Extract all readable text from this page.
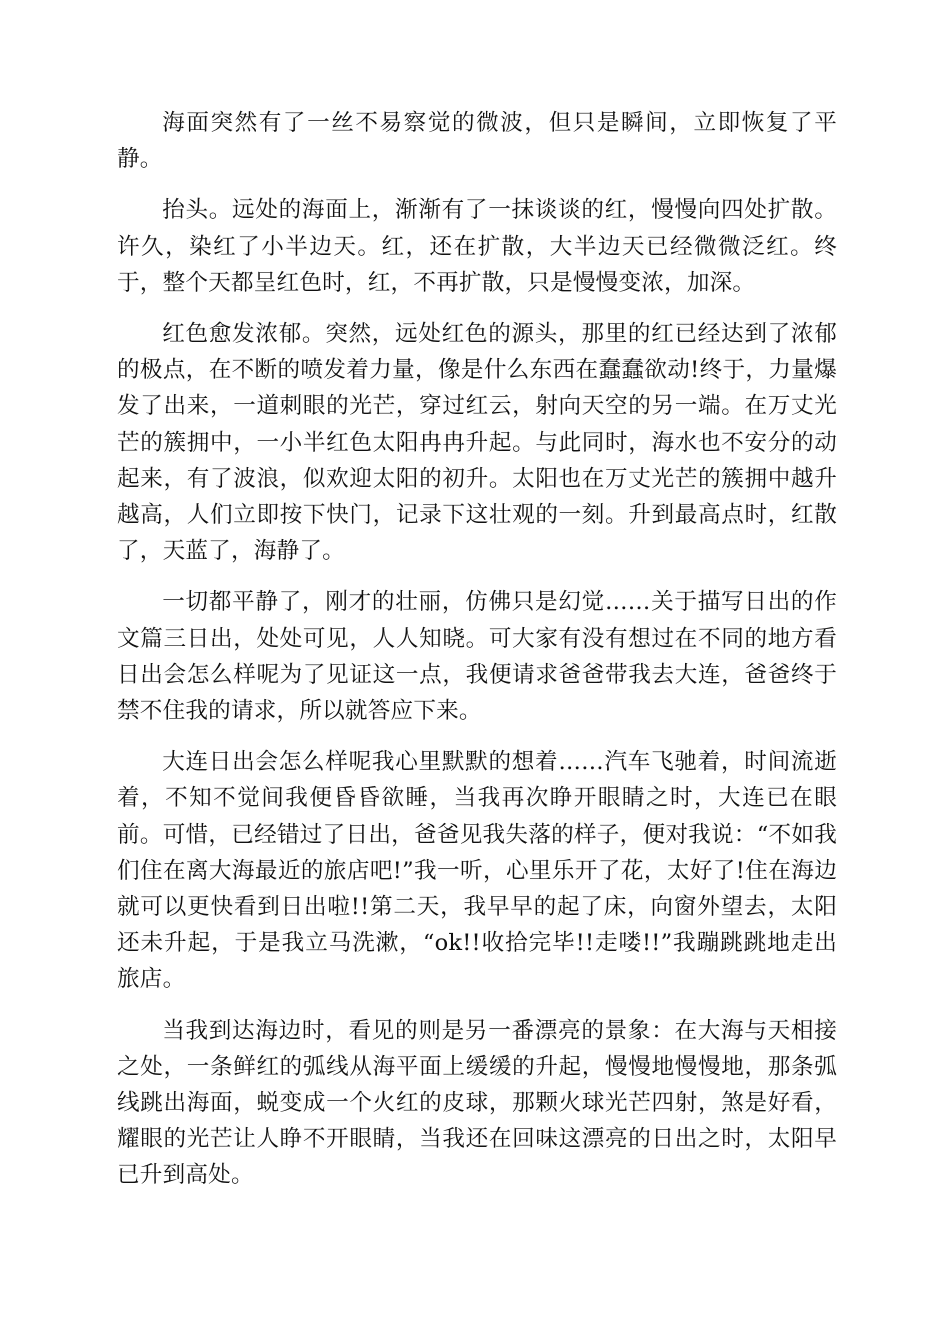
海面突然有了一丝不易察觉的微波，但只是瞬间，立即恢复了平静。

抬头。远处的海面上，渐渐有了一抹谈谈的红，慢慢向四处扩散。许久，染红了小半边天。红，还在扩散，大半边天已经微微泛红。终于，整个天都呈红色时，红，不再扩散，只是慢慢变浓，加深。

红色愈发浓郁。突然，远处红色的源头，那里的红已经达到了浓郁的极点，在不断的喷发着力量，像是什么东西在蠢蠢欲动!终于，力量爆发了出来，一道刺眼的光芒，穿过红云，射向天空的另一端。在万丈光芒的簇拥中，一小半红色太阳冉冉升起。与此同时，海水也不安分的动起来，有了波浪，似欢迎太阳的初升。太阳也在万丈光芒的簇拥中越升越高，人们立即按下快门，记录下这壮观的一刻。升到最高点时，红散了，天蓝了，海静了。

一切都平静了，刚才的壮丽，仿佛只是幻觉……关于描写日出的作文篇三日出，处处可见，人人知晓。可大家有没有想过在不同的地方看日出会怎么样呢为了见证这一点，我便请求爸爸带我去大连，爸爸终于禁不住我的请求，所以就答应下来。

大连日出会怎么样呢我心里默默的想着……汽车飞驰着，时间流逝着，不知不觉间我便昏昏欲睡，当我再次睁开眼睛之时，大连已在眼前。可惜，已经错过了日出，爸爸见我失落的样子，便对我说：“不如我们住在离大海最近的旅店吧!”我一听，心里乐开了花，太好了!住在海边就可以更快看到日出啦!!第二天，我早早的起了床，向窗外望去，太阳还未升起，于是我立马洗漱，“ok!!收拾完毕!!走喽!!”我蹦跳跳地走出旅店。

当我到达海边时，看见的则是另一番漂亮的景象：在大海与天相接之处，一条鲜红的弧线从海平面上缓缓的升起，慢慢地慢慢地，那条弧线跳出海面，蜕变成一个火红的皮球，那颗火球光芒四射，煞是好看，耀眼的光芒让人睁不开眼睛，当我还在回味这漂亮的日出之时，太阳早已升到高处。
